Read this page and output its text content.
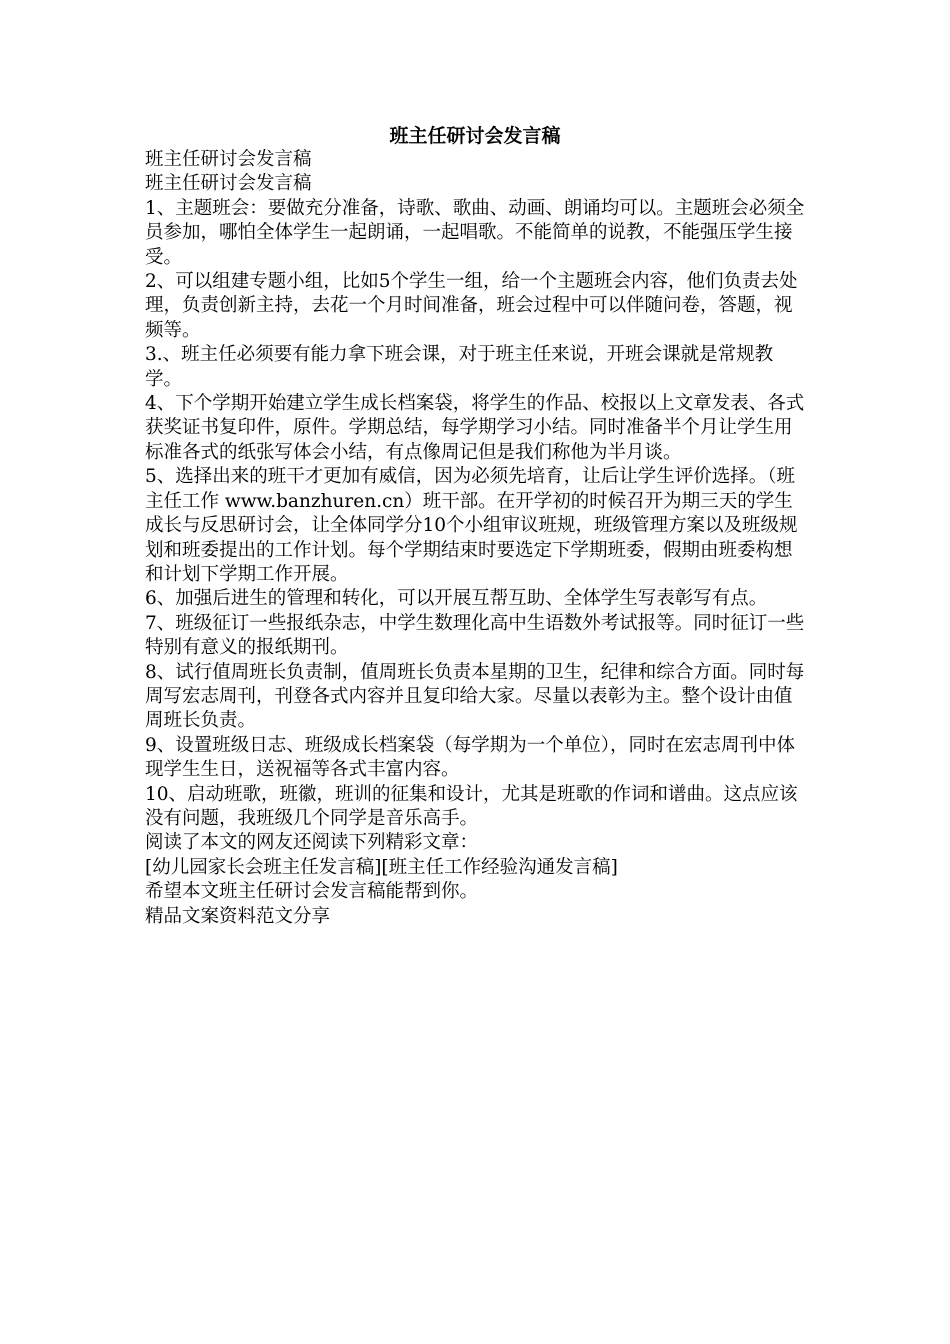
班主任研讨会发言稿

班主任研讨会发言稿

班主任研讨会发言稿

1、主题班会：要做充分准备，诗歌、歌曲、动画、朗诵均可以。主题班会必须全员参加，哪怕全体学生一起朗诵，一起唱歌。不能简单的说教，不能强压学生接受。

2、可以组建专题小组，比如5个学生一组，给一个主题班会内容，他们负责去处理，负责创新主持，去花一个月时间准备，班会过程中可以伴随问卷，答题，视频等。

3.、班主任必须要有能力拿下班会课，对于班主任来说，开班会课就是常规教学。

4、下个学期开始建立学生成长档案袋，将学生的作品、校报以上文章发表、各式获奖证书复印件，原件。学期总结，每学期学习小结。同时准备半个月让学生用标准各式的纸张写体会小结，有点像周记但是我们称他为半月谈。

5、选择出来的班干才更加有威信，因为必须先培育，让后让学生评价选择。（班主任工作 www.banzhuren.cn）班干部。在开学初的时候召开为期三天的学生成长与反思研讨会，让全体同学分10个小组审议班规，班级管理方案以及班级规划和班委提出的工作计划。每个学期结束时要选定下学期班委，假期由班委构想和计划下学期工作开展。

6、加强后进生的管理和转化，可以开展互帮互助、全体学生写表彰写有点。

7、班级征订一些报纸杂志，中学生数理化高中生语数外考试报等。同时征订一些特别有意义的报纸期刊。

8、试行值周班长负责制，值周班长负责本星期的卫生，纪律和综合方面。同时每周写宏志周刊，刊登各式内容并且复印给大家。尽量以表彰为主。整个设计由值周班长负责。

9、设置班级日志、班级成长档案袋（每学期为一个单位），同时在宏志周刊中体现学生生日，送祝福等各式丰富内容。

10、启动班歌，班徽，班训的征集和设计，尤其是班歌的作词和谱曲。这点应该没有问题，我班级几个同学是音乐高手。

阅读了本文的网友还阅读下列精彩文章：

[幼儿园家长会班主任发言稿][班主任工作经验沟通发言稿]

希望本文班主任研讨会发言稿能帮到你。

精品文案资料范文分享
